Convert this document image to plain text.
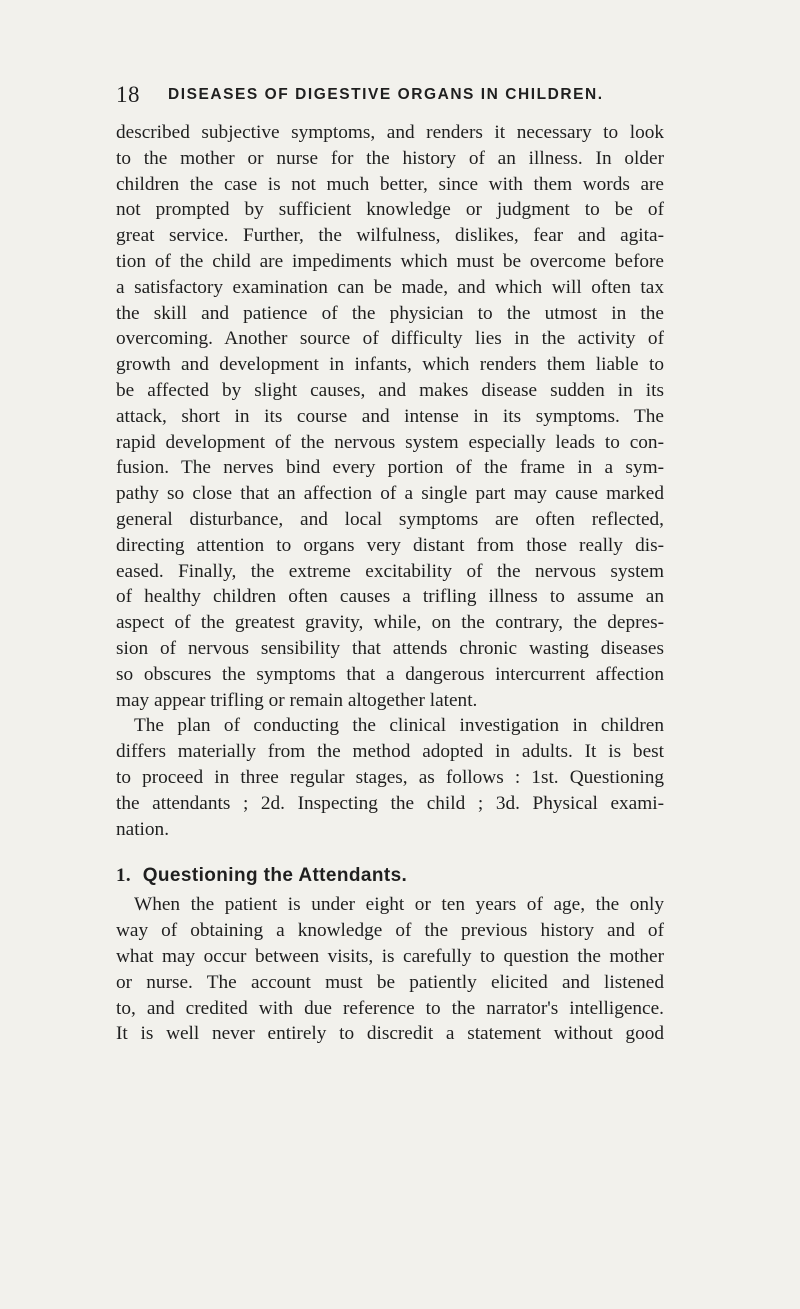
18 DISEASES OF DIGESTIVE ORGANS IN CHILDREN.
described subjective symptoms, and renders it necessary to look
to the mother or nurse for the history of an illness. In older
children the case is not much better, since with them words are
not prompted by sufficient knowledge or judgment to be of
great service. Further, the wilfulness, dislikes, fear and agita-
tion of the child are impediments which must be overcome before
a satisfactory examination can be made, and which will often tax
the skill and patience of the physician to the utmost in the
overcoming. Another source of difficulty lies in the activity of
growth and development in infants, which renders them liable to
be affected by slight causes, and makes disease sudden in its
attack, short in its course and intense in its symptoms. The
rapid development of the nervous system especially leads to con-
fusion. The nerves bind every portion of the frame in a sym-
pathy so close that an affection of a single part may cause marked
general disturbance, and local symptoms are often reflected,
directing attention to organs very distant from those really dis-
eased. Finally, the extreme excitability of the nervous system
of healthy children often causes a trifling illness to assume an
aspect of the greatest gravity, while, on the contrary, the depres-
sion of nervous sensibility that attends chronic wasting diseases
so obscures the symptoms that a dangerous intercurrent affection
may appear trifling or remain altogether latent.
The plan of conducting the clinical investigation in children
differs materially from the method adopted in adults. It is best
to proceed in three regular stages, as follows : 1st. Questioning
the attendants ; 2d. Inspecting the child ; 3d. Physical exami-
nation.
1. Questioning the Attendants.
When the patient is under eight or ten years of age, the only
way of obtaining a knowledge of the previous history and of
what may occur between visits, is carefully to question the mother
or nurse. The account must be patiently elicited and listened
to, and credited with due reference to the narrator's intelligence.
It is well never entirely to discredit a statement without good
